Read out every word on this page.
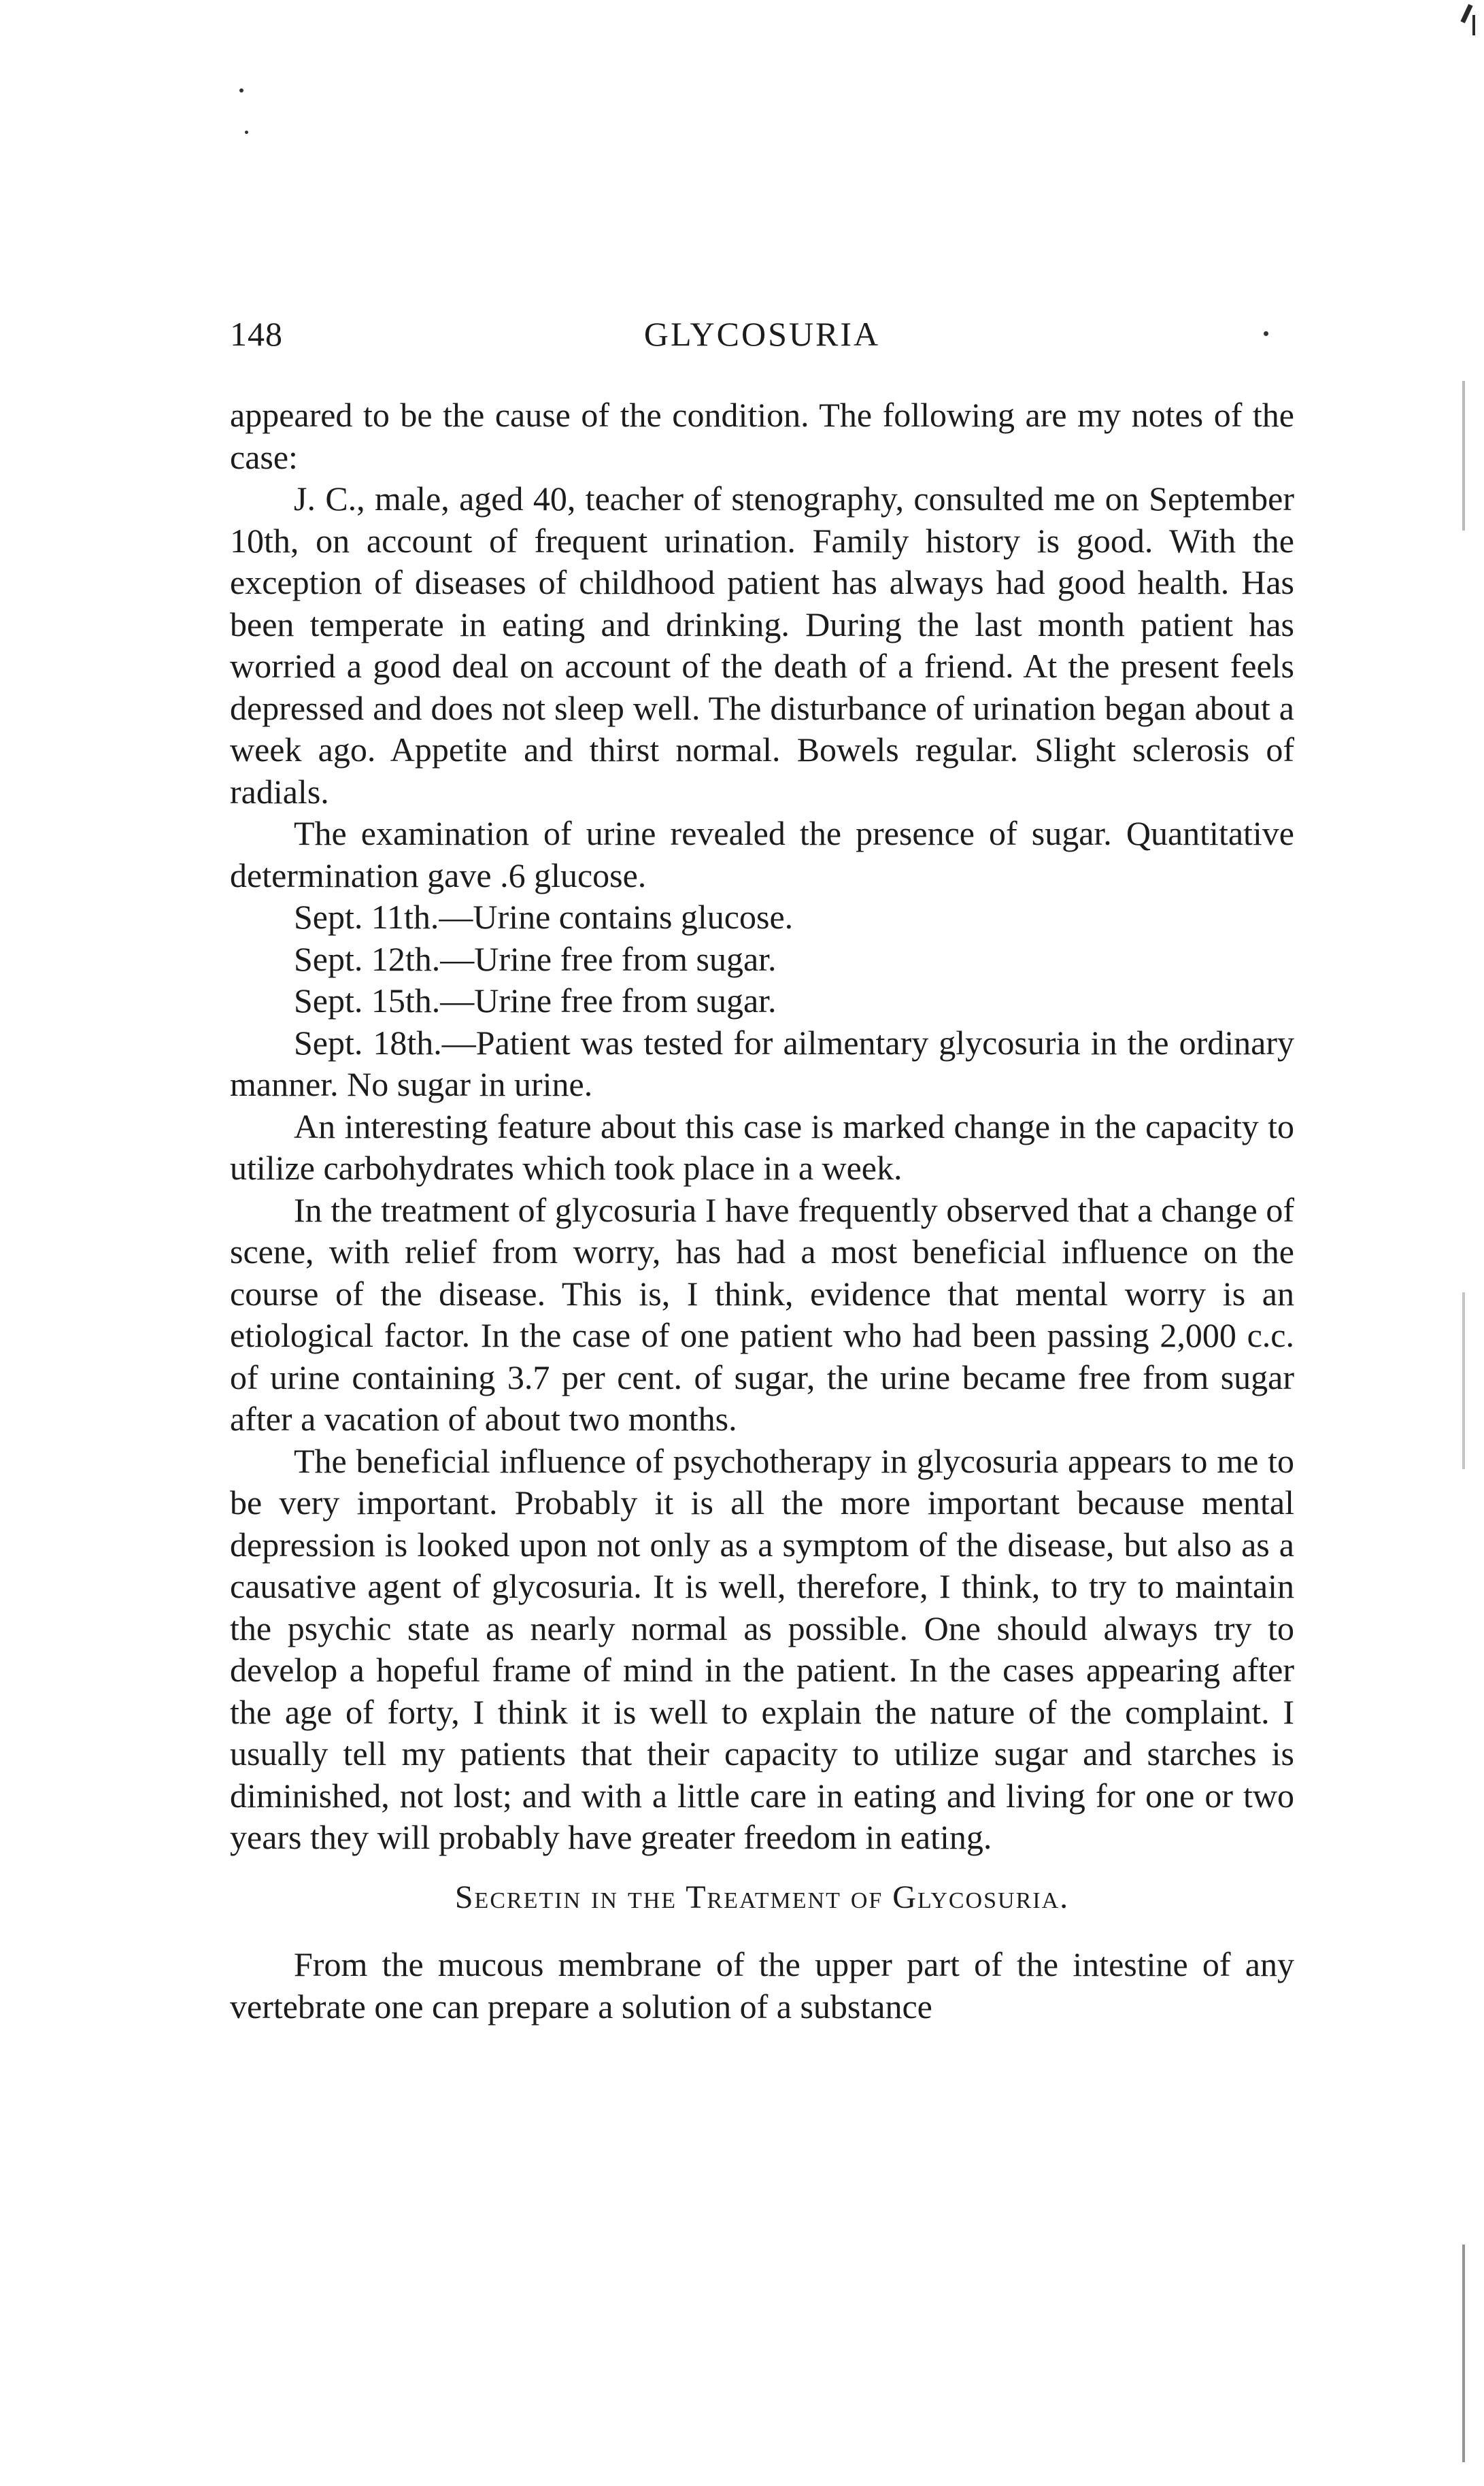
148	GLYCOSURIA

appeared to be the cause of the condition. The following are my notes of the case:

J. C., male, aged 40, teacher of stenography, consulted me on September 10th, on account of frequent urination. Family history is good. With the exception of diseases of childhood patient has always had good health. Has been temperate in eating and drinking. During the last month patient has worried a good deal on account of the death of a friend. At the present feels depressed and does not sleep well. The disturbance of urination began about a week ago. Appetite and thirst normal. Bowels regular. Slight sclerosis of radials.

The examination of urine revealed the presence of sugar. Quantitative determination gave .6 glucose.

Sept. 11th.—Urine contains glucose.

Sept. 12th.—Urine free from sugar.

Sept. 15th.—Urine free from sugar.

Sept. 18th.—Patient was tested for ailmentary glycosuria in the ordinary manner. No sugar in urine.

An interesting feature about this case is marked change in the capacity to utilize carbohydrates which took place in a week.

In the treatment of glycosuria I have frequently observed that a change of scene, with relief from worry, has had a most beneficial influence on the course of the disease. This is, I think, evidence that mental worry is an etiological factor. In the case of one patient who had been passing 2,000 c.c. of urine containing 3.7 per cent. of sugar, the urine became free from sugar after a vacation of about two months.

The beneficial influence of psychotherapy in glycosuria appears to me to be very important. Probably it is all the more important because mental depression is looked upon not only as a symptom of the disease, but also as a causative agent of glycosuria. It is well, therefore, I think, to try to maintain the psychic state as nearly normal as possible. One should always try to develop a hopeful frame of mind in the patient. In the cases appearing after the age of forty, I think it is well to explain the nature of the complaint. I usually tell my patients that their capacity to utilize sugar and starches is diminished, not lost; and with a little care in eating and living for one or two years they will probably have greater freedom in eating.

Secretin in the Treatment of Glycosuria.

From the mucous membrane of the upper part of the intestine of any vertebrate one can prepare a solution of a substance
